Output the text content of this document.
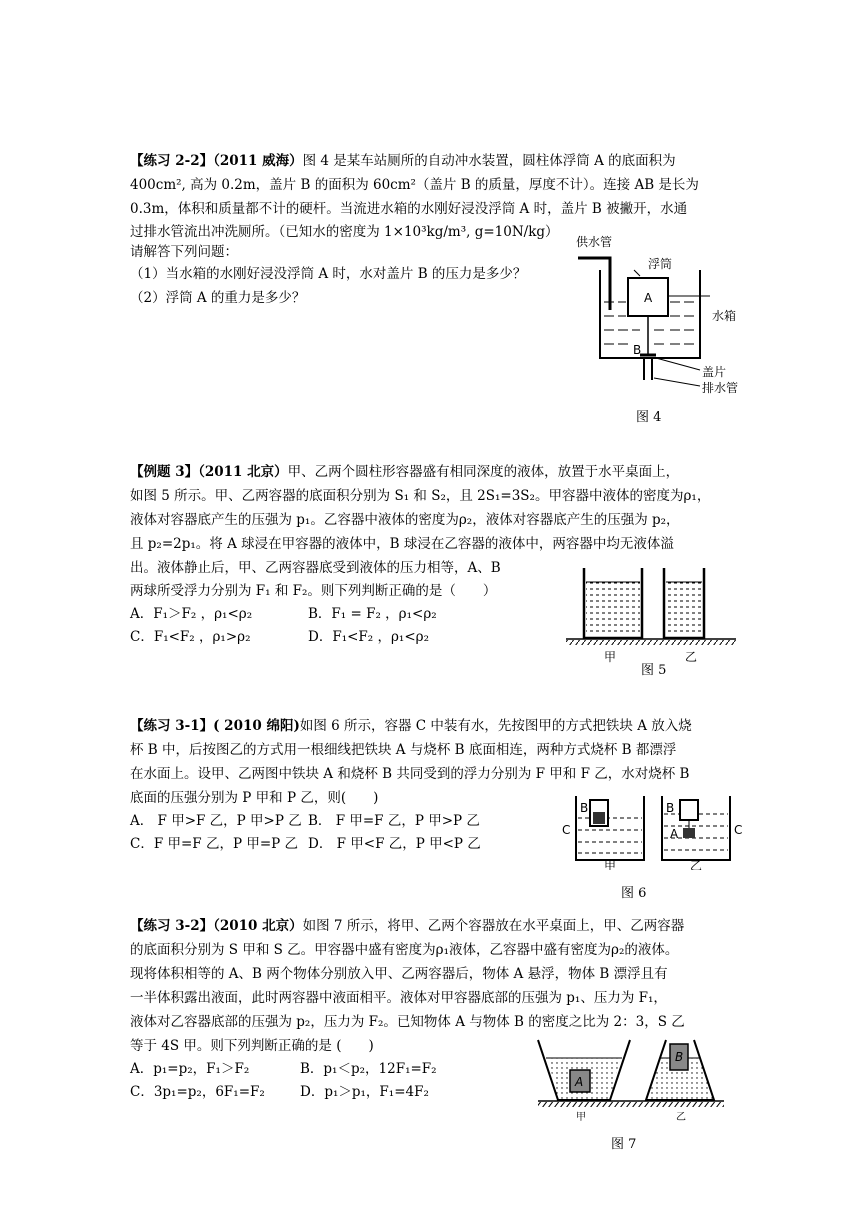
【练习 2-2】（2011 威海）图 4 是某车站厕所的自动冲水装置，圆柱体浮筒 A 的底面积为
400cm², 高为 0.2m，盖片 B 的面积为 60cm²（盖片 B 的质量，厚度不计）。连接 AB 是长为
0.3m，体积和质量都不计的硬杆。当流进水箱的水刚好浸没浮筒 A 时，盖片 B 被撇开，水通
过排水管流出冲洗厕所。（已知水的密度为 1×10³kg/m³, g=10N/kg）
请解答下列问题：
（1）当水箱的水刚好浸没浮筒 A 时，水对盖片 B 的压力是多少？
（2）浮筒 A 的重力是多少？
供水管
浮筒
A
B
水箱
盖片
排水管
图 4
【例题 3】（2011 北京）甲、乙两个圆柱形容器盛有相同深度的液体，放置于水平桌面上，
如图 5 所示。甲、乙两容器的底面积分别为 S₁ 和 S₂，且 2S₁=3S₂。甲容器中液体的密度为ρ₁，
液体对容器底产生的压强为 p₁。乙容器中液体的密度为ρ₂，液体对容器底产生的压强为 p₂，
且 p₂=2p₁。将 A 球浸在甲容器的液体中，B 球浸在乙容器的液体中，两容器中均无液体溢
出。液体静止后，甲、乙两容器底受到液体的压力相等，A、B
两球所受浮力分别为 F₁ 和 F₂。则下列判断正确的是（　　）
A．F₁＞F₂ ，ρ₁<ρ₂	B．F₁ = F₂ ，ρ₁<ρ₂
C．F₁<F₂ ，ρ₁>ρ₂	D．F₁<F₂ ，ρ₁<ρ₂
甲	乙
图 5
【练习 3-1】( 2010 绵阳)如图 6 所示，容器 C 中装有水，先按图甲的方式把铁块 A 放入烧
杯 B 中，后按图乙的方式用一根细线把铁块 A 与烧杯 B 底面相连，两种方式烧杯 B 都漂浮
在水面上。设甲、乙两图中铁块 A 和烧杯 B 共同受到的浮力分别为 F 甲和 F 乙，水对烧杯 B
底面的压强分别为 P 甲和 P 乙，则(　　)
A． F 甲>F 乙，P 甲>P 乙 B． F 甲=F 乙，P 甲>P 乙
C．F 甲=F 乙，P 甲=P 乙 D． F 甲<F 乙，P 甲<P 乙
B A
C
B
A	C
甲	乙
图 6
【练习 3-2】（2010 北京）如图 7 所示，将甲、乙两个容器放在水平桌面上，甲、乙两容器
的底面积分别为 S 甲和 S 乙。甲容器中盛有密度为ρ₁液体，乙容器中盛有密度为ρ₂的液体。
现将体积相等的 A、B 两个物体分别放入甲、乙两容器后，物体 A 悬浮，物体 B 漂浮且有
一半体积露出液面，此时两容器中液面相平。液体对甲容器底部的压强为 p₁、压力为 F₁，
液体对乙容器底部的压强为 p₂，压力为 F₂。已知物体 A 与物体 B 的密度之比为 2：3，S 乙
等于 4S 甲。则下列判断正确的是 (　　)
A．p₁=p₂，F₁＞F₂	B．p₁＜p₂，12F₁=F₂
C．3p₁=p₂，6F₁=F₂	D．p₁＞p₁，F₁=4F₂
A
B
甲	乙
图 7
